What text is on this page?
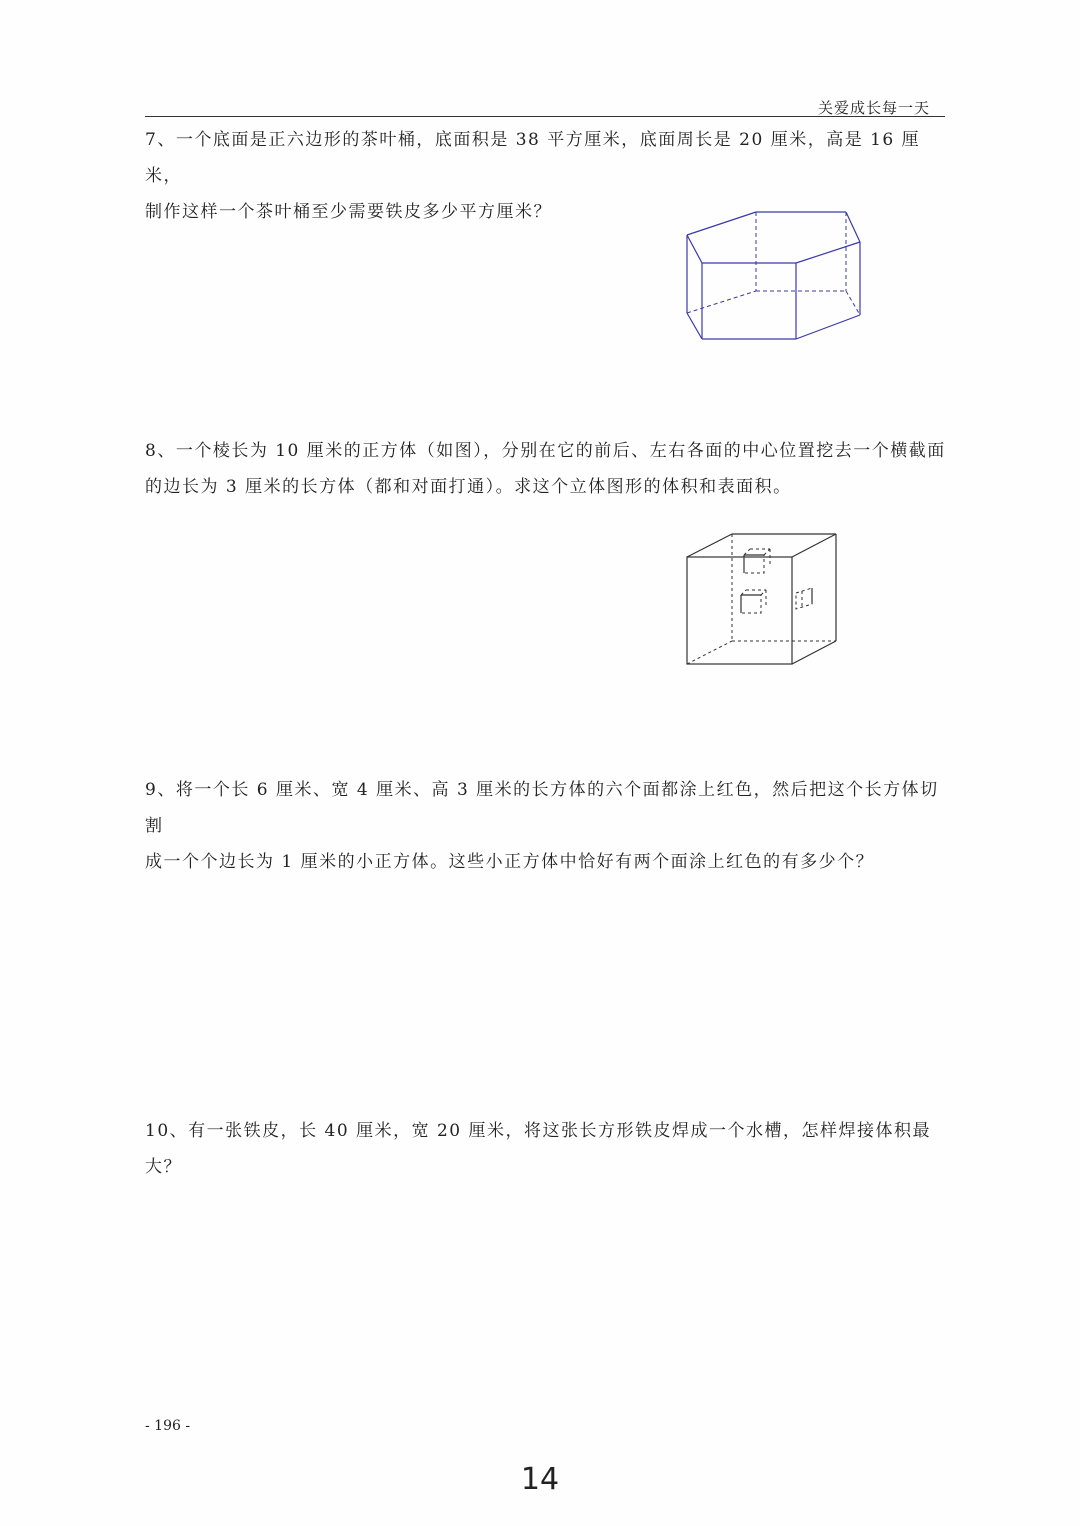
关爱成长每一天
7、一个底面是正六边形的茶叶桶，底面积是 38 平方厘米，底面周长是 20 厘米，高是 16 厘米，
制作这样一个茶叶桶至少需要铁皮多少平方厘米？
8、一个棱长为 10 厘米的正方体（如图），分别在它的前后、左右各面的中心位置挖去一个横截面
的边长为 3 厘米的长方体（都和对面打通）。求这个立体图形的体积和表面积。
9、将一个长 6 厘米、宽 4 厘米、高 3 厘米的长方体的六个面都涂上红色，然后把这个长方体切割
成一个个边长为 1 厘米的小正方体。这些小正方体中恰好有两个面涂上红色的有多少个？
10、有一张铁皮，长 40 厘米，宽 20 厘米，将这张长方形铁皮焊成一个水槽，怎样焊接体积最大？
- 196 -
14
